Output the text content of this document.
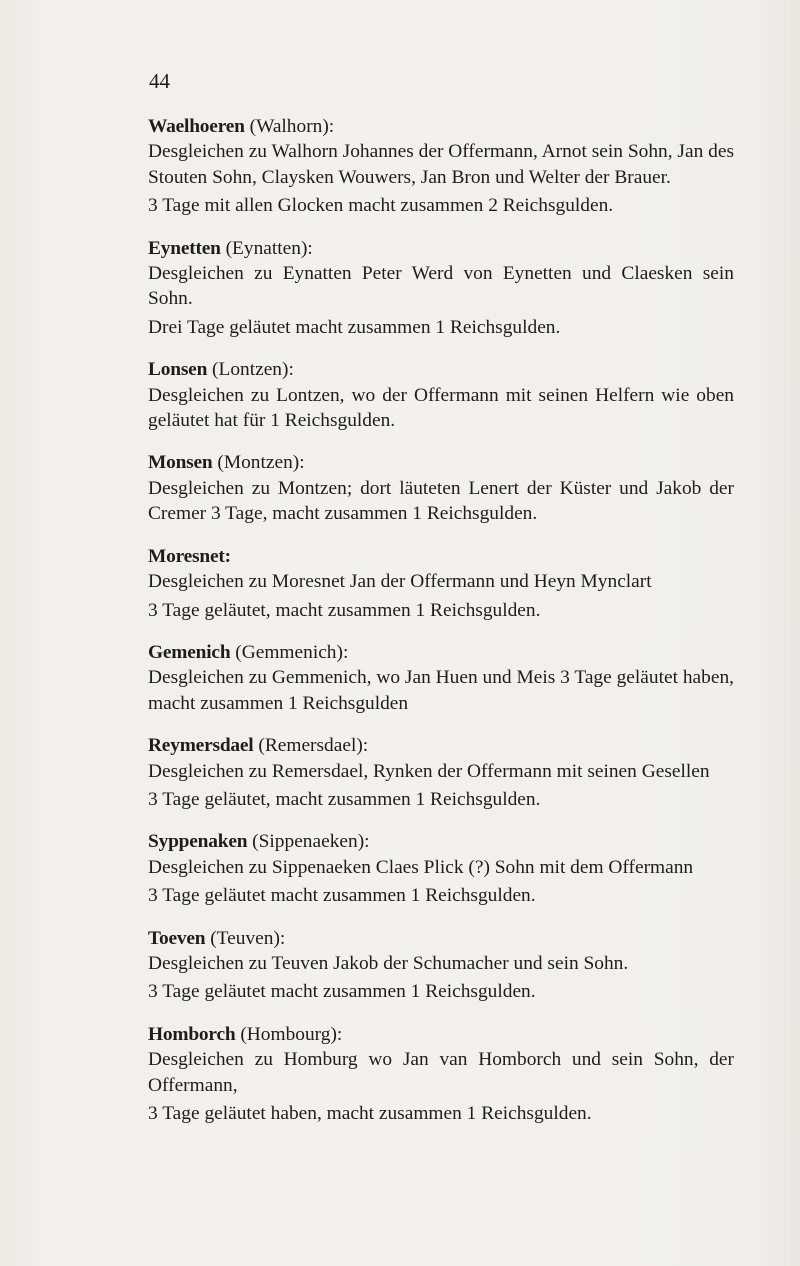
44

Waelhoeren (Walhorn):

Desgleichen zu Walhorn Johannes der Offermann, Arnot sein Sohn, Jan des Stouten Sohn, Claysken Wouwers, Jan Bron und Welter der Brauer.

3 Tage mit allen Glocken macht zusammen 2 Reichsgulden.

Eynetten (Eynatten):

Desgleichen zu Eynatten Peter Werd von Eynetten und Claesken sein Sohn.

Drei Tage geläutet macht zusammen 1 Reichsgulden.

Lonsen (Lontzen):

Desgleichen zu Lontzen, wo der Offermann mit seinen Helfern wie oben geläutet hat für 1 Reichsgulden.

Monsen (Montzen):

Desgleichen zu Montzen; dort läuteten Lenert der Küster und Jakob der Cremer 3 Tage, macht zusammen 1 Reichsgulden.

Moresnet:

Desgleichen zu Moresnet Jan der Offermann und Heyn Mynclart

3 Tage geläutet, macht zusammen 1 Reichsgulden.

Gemenich (Gemmenich):

Desgleichen zu Gemmenich, wo Jan Huen und Meis 3 Tage geläutet haben, macht zusammen 1 Reichsgulden

Reymersdael (Remersdael):

Desgleichen zu Remersdael, Rynken der Offermann mit seinen Gesellen

3 Tage geläutet, macht zusammen 1 Reichsgulden.

Syppenaken (Sippenaeken):

Desgleichen zu Sippenaeken Claes Plick (?) Sohn mit dem Offermann

3 Tage geläutet macht zusammen 1 Reichsgulden.

Toeven (Teuven):

Desgleichen zu Teuven Jakob der Schumacher und sein Sohn.

3 Tage geläutet macht zusammen 1 Reichsgulden.

Homborch (Hombourg):

Desgleichen zu Homburg wo Jan van Homborch und sein Sohn, der Offermann,

3 Tage geläutet haben, macht zusammen 1 Reichsgulden.
